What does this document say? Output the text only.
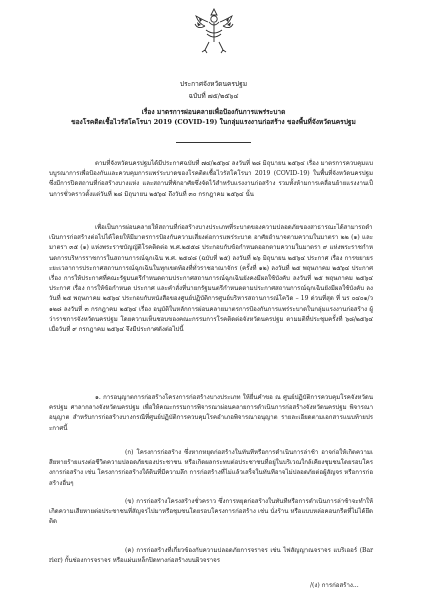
ประกาศจังหวัดนครปฐม
ฉบับที่ ๗๕/๒๕๖๔
เรื่อง มาตรการผ่อนคลายเพื่อป้องกันการแพร่ระบาด
ของโรคติดเชื้อไวรัสโคโรนา 2019 (COVID-19) ในกลุ่มแรงงานก่อสร้าง ของพื้นที่จังหวัดนครปฐม

ตามที่จังหวัดนครปฐมได้มีประกาศฉบับที่ ๗๔/๒๕๖๔ ลงวันที่ ๒๘ มิถุนายน ๒๕๖๔ เรื่อง มาตรการควบคุมแบบบูรณาการเพื่อป้องกันและควบคุมการแพร่ระบาดของโรคติดเชื้อไวรัสโคโรนา 2019 (COVID-19) ในพื้นที่จังหวัดนครปฐม ซึ่งมีการปิดสถานที่ก่อสร้างบางแห่ง และสถานที่พักอาศัยซึ่งจัดไว้สำหรับแรงงานก่อสร้าง รวมทั้งห้ามการเคลื่อนย้ายแรงงานเป็นการชั่วคราวตั้งแต่วันที่ ๒๘ มิถุนายน ๒๕๖๔ ถึงวันที่ ๓๐ กรกฎาคม ๒๕๖๔ นั้น

เพื่อเป็นการผ่อนคลายให้สถานที่ก่อสร้างบางประเภทที่ระบาดของความปลอดภัยของสาธารณะได้สามารถดำเนินการก่อสร้างต่อไปได้โดยให้มีมาตรการป้องกันความเสี่ยงต่อการแพร่ระบาด อาศัยอำนาจตามความในมาตรา ๒๒ (๑) และมาตรา ๓๕ (๑) แห่งพระราชบัญญัติโรคติดต่อ พ.ศ.๒๕๕๘ ประกอบกับข้อกำหนดออกตามความในมาตรา ๙ แห่งพระราชกำหนดการบริหารราชการในสถานการณ์ฉุกเฉิน พ.ศ. ๒๕๔๘ (ฉบับที่ ๒๕) ลงวันที่ ๒๖ มิถุนายน ๒๕๖๔ ประกาศ เรื่อง การขยายระยะเวลาการประกาศสถานการณ์ฉุกเฉินในทุกเขตท้องที่ทั่วราชอาณาจักร (ครั้งที่ ๑๒) ลงวันที่ ๒๕ พฤษภาคม ๒๕๖๔ ประกาศ เรื่อง การให้ประกาศที่คณะรัฐมนตรีกำหนดตามประกาศสถานการณ์ฉุกเฉินยังคงมีผลใช้บังคับ ลงวันที่ ๒๕ พฤษภาคม ๒๕๖๔ ประกาศ เรื่อง การให้ข้อกำหนด ประกาศ และคำสั่งที่นายกรัฐมนตรีกำหนดตามประกาศสถานการณ์ฉุกเฉินยังมีผลใช้บังคับ ลงวันที่ ๒๕ พฤษภาคม ๒๕๖๔ ประกอบกับหนังสือของศูนย์ปฏิบัติการศูนย์บริหารสถานการณ์โควิด – 19 ด่วนที่สุด ที่ นร ๐๔๐๑/ว๑๒๘ ลงวันที่ ๓ กรกฎาคม ๒๕๖๔ เรื่อง อนุมัติในหลักการผ่อนคลายมาตรการป้องกันการแพร่ระบาดในกลุ่มแรงงานก่อสร้าง ผู้ว่าราชการจังหวัดนครปฐม โดยความเห็นชอบของคณะกรรมการโรคติดต่อจังหวัดนครปฐม ตามมติที่ประชุมครั้งที่ ๖๘/๒๕๖๔ เมื่อวันที่ ๙ กรกฎาคม ๒๕๖๔ จึงมีประกาศดังต่อไปนี้

๑. การอนุญาตการก่อสร้างโครงการก่อสร้างบางประเภท ให้ยื่นคำขอ ณ ศูนย์ปฏิบัติการควบคุมโรคจังหวัดนครปฐม ศาลากลางจังหวัดนครปฐม เพื่อให้คณะกรรมการพิจารณาผ่อนคลายการดำเนินการก่อสร้างจังหวัดนครปฐม พิจารณาอนุญาต สำหรับการก่อสร้างบางกรณีที่ศูนย์ปฏิบัติการควบคุมโรคอำเภอพิจารณาอนุญาต รายละเอียดตามเอกสารแนบท้ายประกาศนี้

(ก) โครงการก่อสร้าง ซึ่งหากหยุดก่อสร้างในทันทีหรือการดำเนินการล่าช้า อาจก่อให้เกิดความเสียหายร้ายแรงต่อชีวิตความปลอดภัยของประชาชน หรือเกิดผลกระทบต่อประชาชนที่อยู่ในบริเวณใกล้เคียงชุมชนโดยรอบโครงการก่อสร้าง เช่น โครงการก่อสร้างใต้ดินที่มีความลึก การก่อสร้างที่ไม่แล้วเสร็จในทันทีอาจไม่ปลอดภัยต่อผู้สัญจร หรือการก่อสร้างอื่นๆ

(ข) การก่อสร้างโครงสร้างชั่วคราว ซึ่งการหยุดก่อสร้างในทันทีหรือการดำเนินการล่าช้าจะทำให้เกิดความเสียหายต่อประชาชนที่สัญจรไปมาหรือชุมชนโดยรอบโครงการก่อสร้าง เช่น นั่งร้าน หรือแบบหล่อคอนกรีตที่ไม่ได้ยึดติด

(ค) การก่อสร้างที่เกี่ยวข้องกับความปลอดภัยการจราจร เช่น ไฟสัญญาณจราจร แบริเออร์ (Barrier) กั้นช่องการจราจร หรือแผ่นเหล็กปิดทางก่อสร้างบนผิวจราจร

/(ง) การก่อสร้าง...
